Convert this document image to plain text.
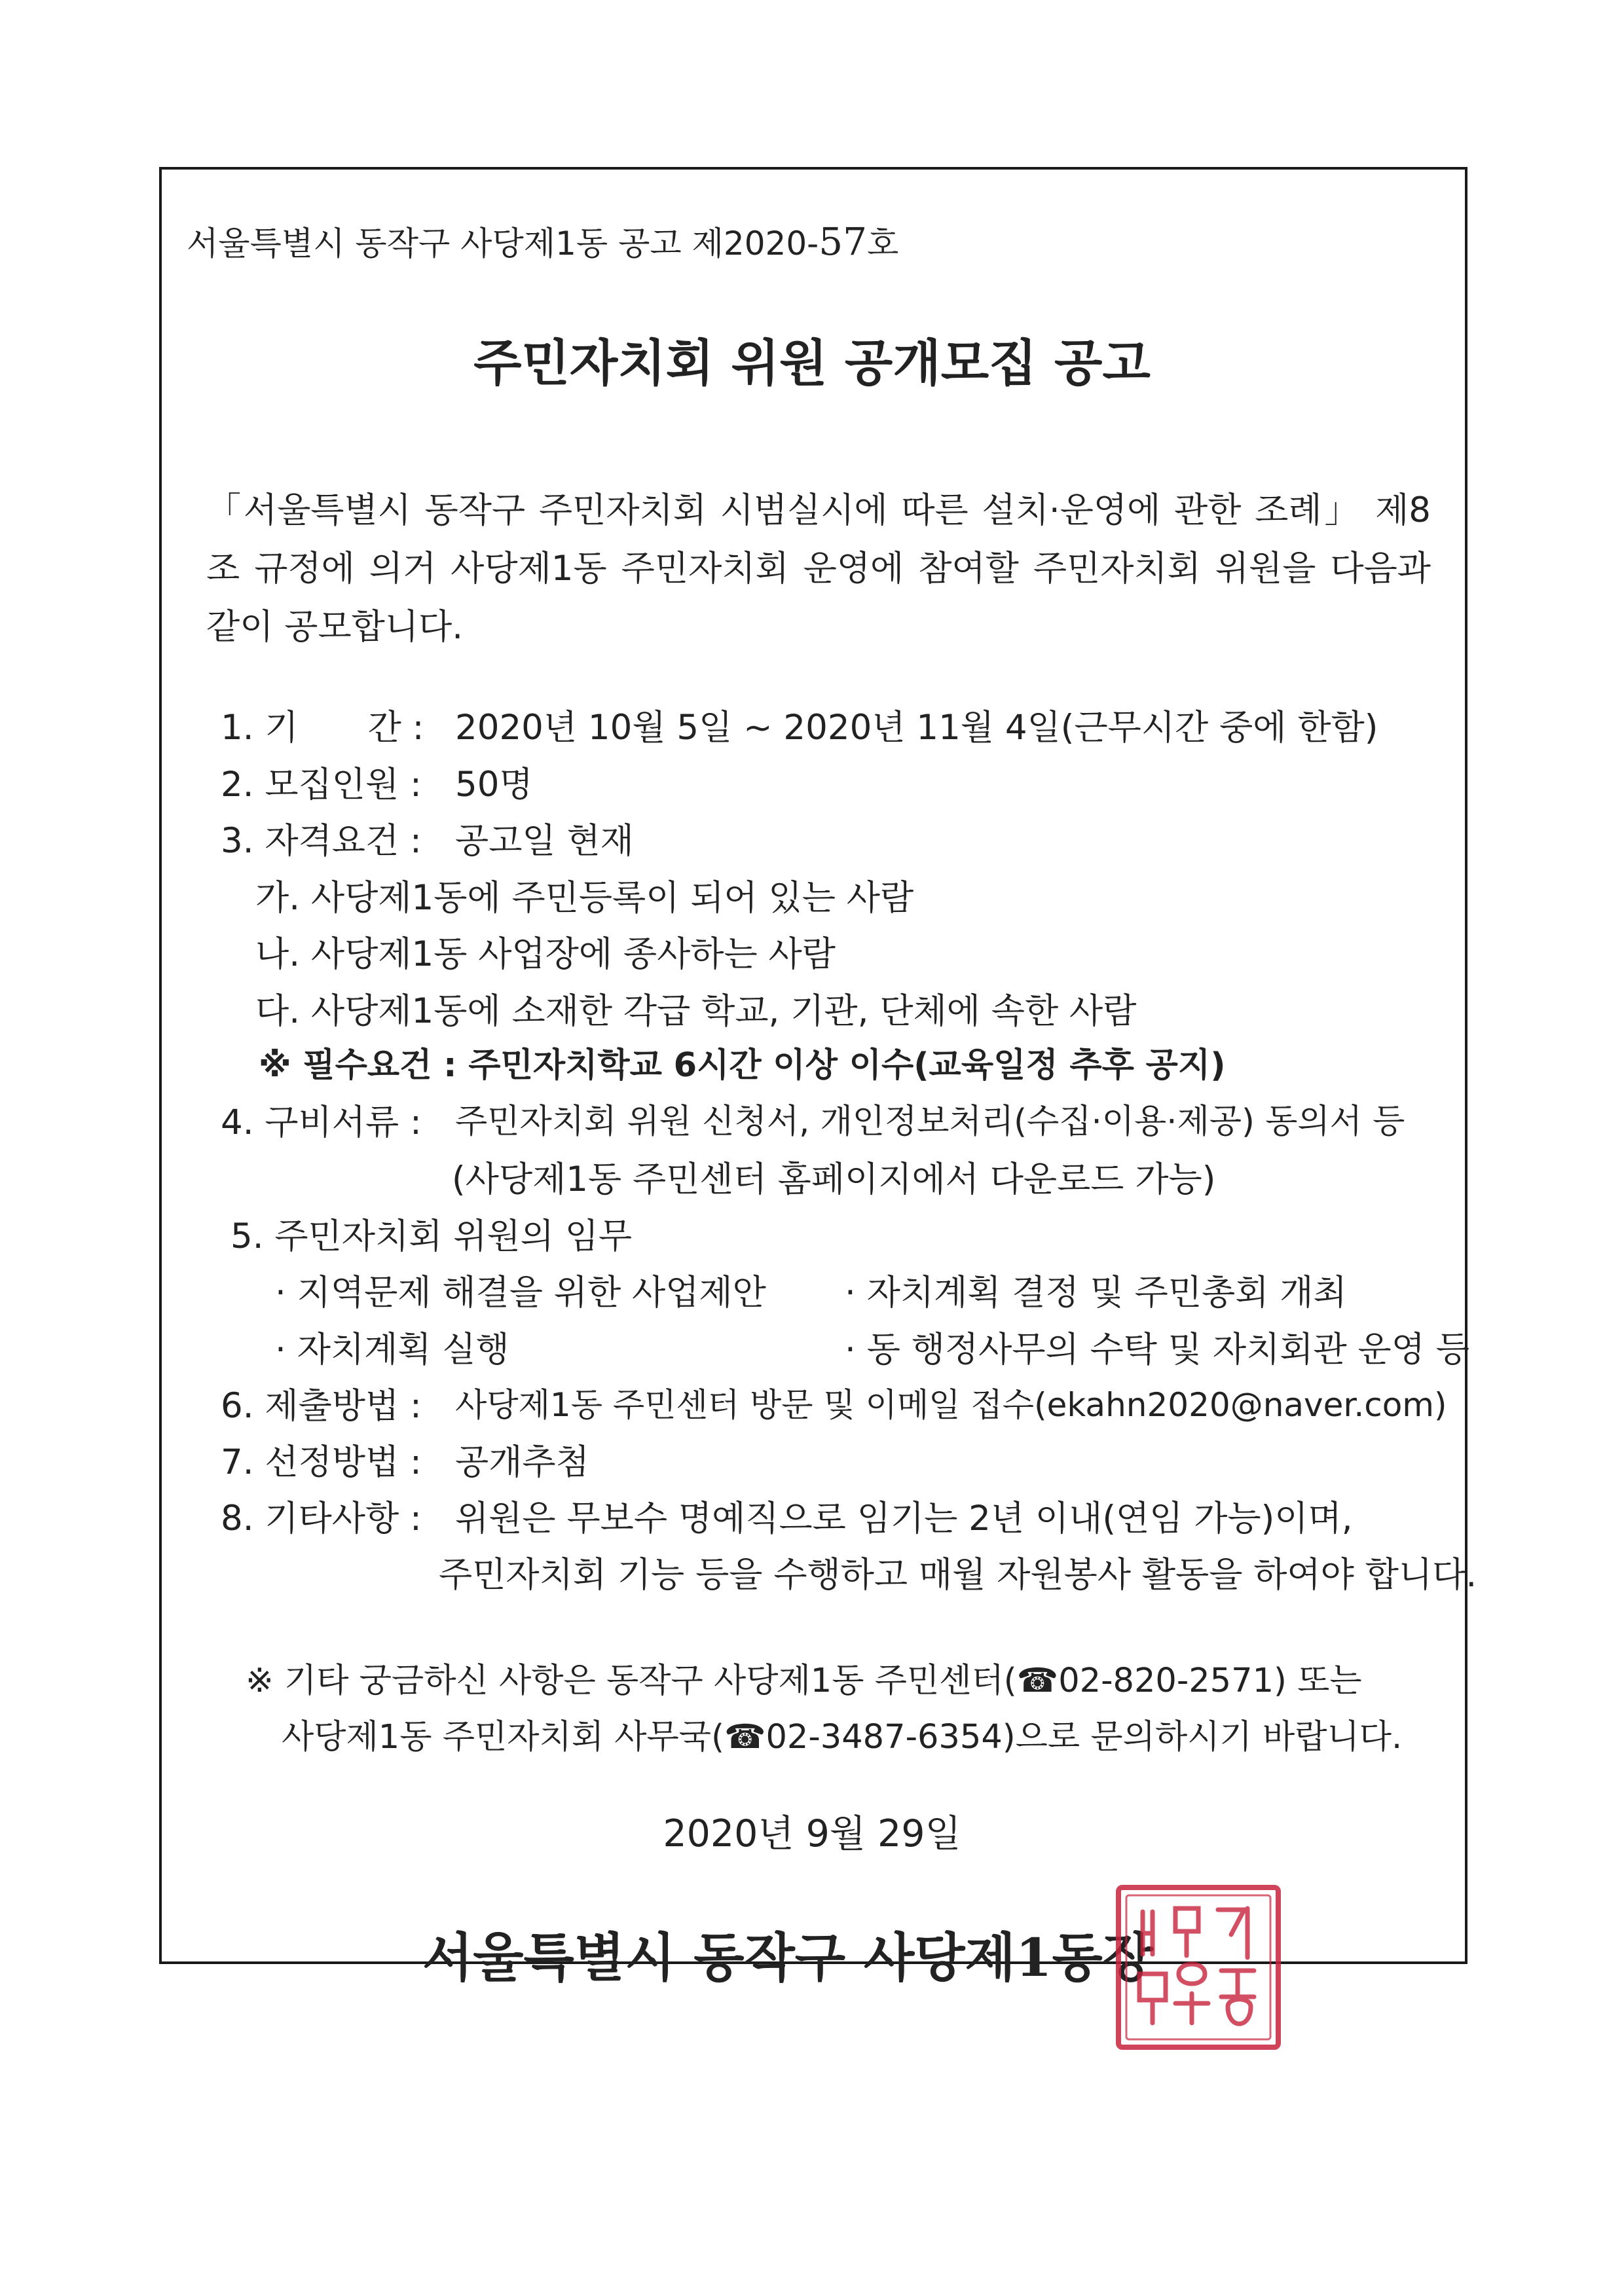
서울특별시 동작구 사당제1동 공고 제2020-57호
주민자치회 위원 공개모집 공고
「서울특별시 동작구 주민자치회 시범실시에 따른 설치·운영에 관한 조례」 제8조 규정에 의거 사당제1동 주민자치회 운영에 참여할 주민자치회 위원을 다음과 같이 공모합니다.
1. 기　　간 : 2020년 10월 5일 ~ 2020년 11월 4일(근무시간 중에 한함)
2. 모집인원 : 50명
3. 자격요건 : 공고일 현재
가. 사당제1동에 주민등록이 되어 있는 사람
나. 사당제1동 사업장에 종사하는 사람
다. 사당제1동에 소재한 각급 학교, 기관, 단체에 속한 사람
※ 필수요건 : 주민자치학교 6시간 이상 이수(교육일정 추후 공지)
4. 구비서류 : 주민자치회 위원 신청서, 개인정보처리(수집·이용·제공) 동의서 등
(사당제1동 주민센터 홈페이지에서 다운로드 가능)
5. 주민자치회 위원의 임무
· 지역문제 해결을 위한 사업제안 · 자치계획 결정 및 주민총회 개최
· 자치계획 실행	· 동 행정사무의 수탁 및 자치회관 운영 등
6. 제출방법 : 사당제1동 주민센터 방문 및 이메일 접수(ekahn2020@naver.com)
7. 선정방법 : 공개추첨
8. 기타사항 : 위원은 무보수 명예직으로 임기는 2년 이내(연임 가능)이며,
주민자치회 기능 등을 수행하고 매월 자원봉사 활동을 하여야 합니다.
※ 기타 궁금하신 사항은 동작구 사당제1동 주민센터(☎02-820-2571) 또는
사당제1동 주민자치회 사무국(☎02-3487-6354)으로 문의하시기 바랍니다.
2020년 9월 29일
서울특별시 동작구 사당제1동장
